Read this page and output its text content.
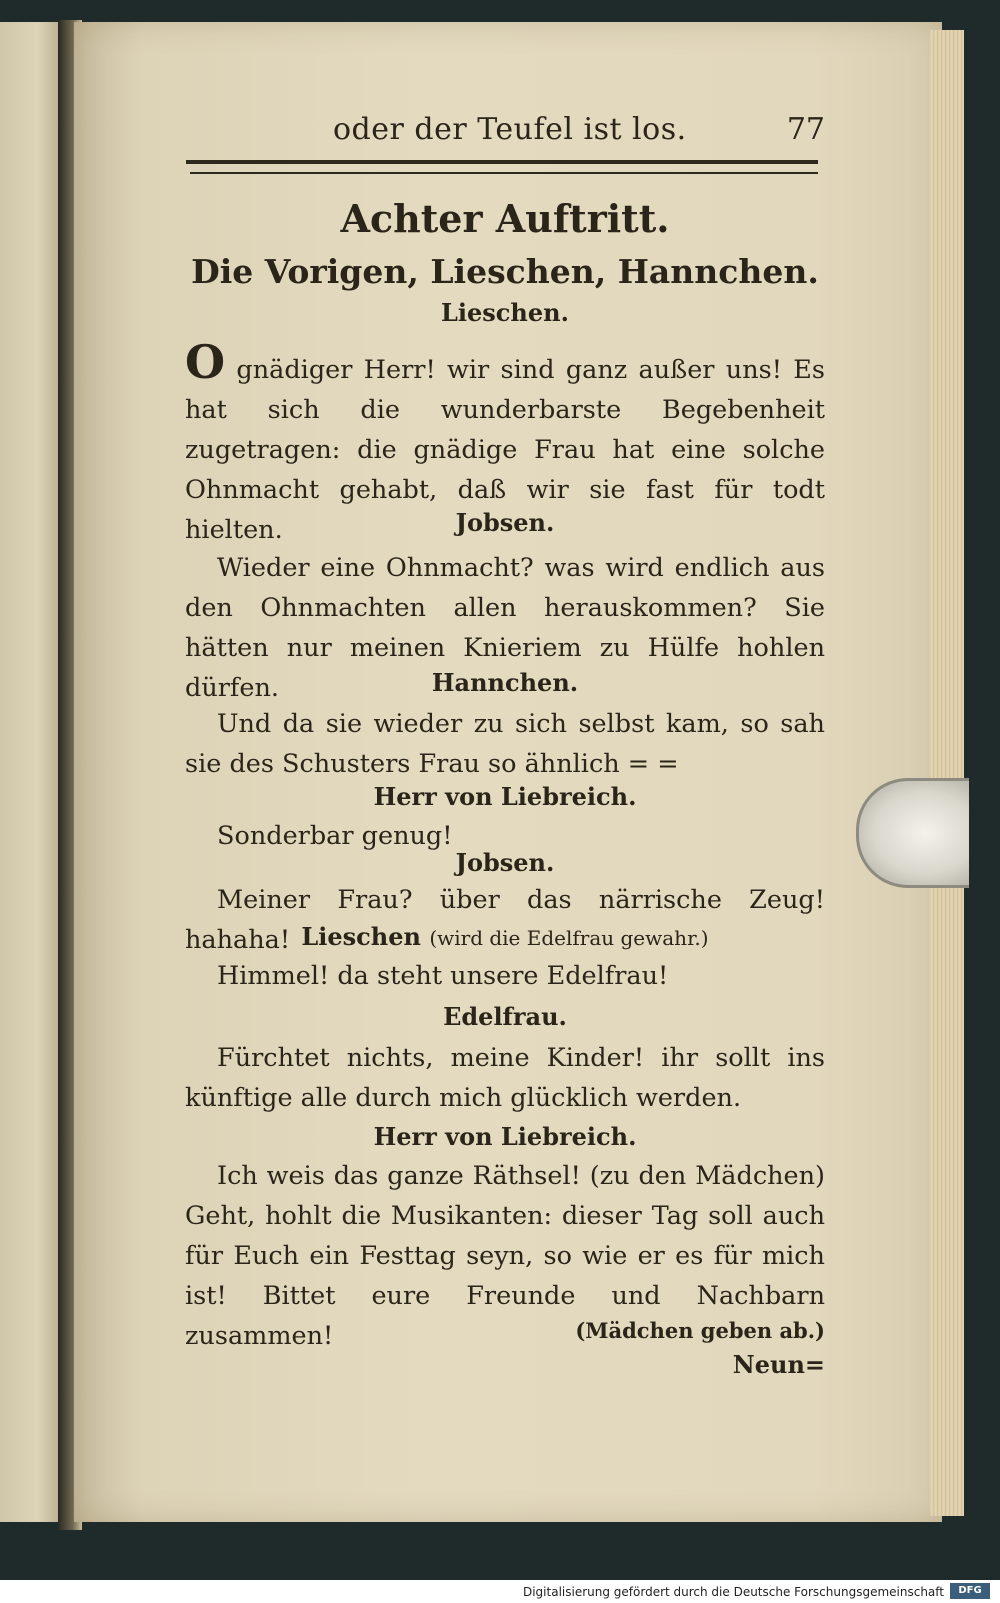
oder der Teufel ist los.	77
Achter Auftritt.
Die Vorigen, Lieschen, Hannchen.
Lieschen.
O gnädiger Herr! wir sind ganz außer uns! Es hat sich die wunderbarste Begebenheit zugetragen: die gnädige Frau hat eine solche Ohnmacht gehabt, daß wir sie fast für todt hielten.	Jobsen.
Wieder eine Ohnmacht? was wird endlich aus den Ohnmachten allen herauskommen? Sie hätten nur meinen Knieriem zu Hülfe hohlen dürfen.	Hannchen.
Und da sie wieder zu sich selbst kam, so sah sie des Schusters Frau so ähnlich = =
Herr von Liebreich.
Sonderbar genug!
Jobsen.
Meiner Frau? über das närrische Zeug! hahaha! Lieschen (wird die Edelfrau gewahr.)
Himmel! da steht unsere Edelfrau!
Edelfrau.
Fürchtet nichts, meine Kinder! ihr sollt ins künftige alle durch mich glücklich werden.
Herr von Liebreich.
Ich weis das ganze Räthsel! (zu den Mädchen) Geht, hohlt die Musikanten: dieser Tag soll auch für Euch ein Festtag seyn, so wie er es für mich ist! Bittet eure Freunde und Nachbarn zusammen!	(Mädchen geben ab.)
Neun=
Digitalisierung gefördert durch die Deutsche Forschungsgemeinschaft	DFG
